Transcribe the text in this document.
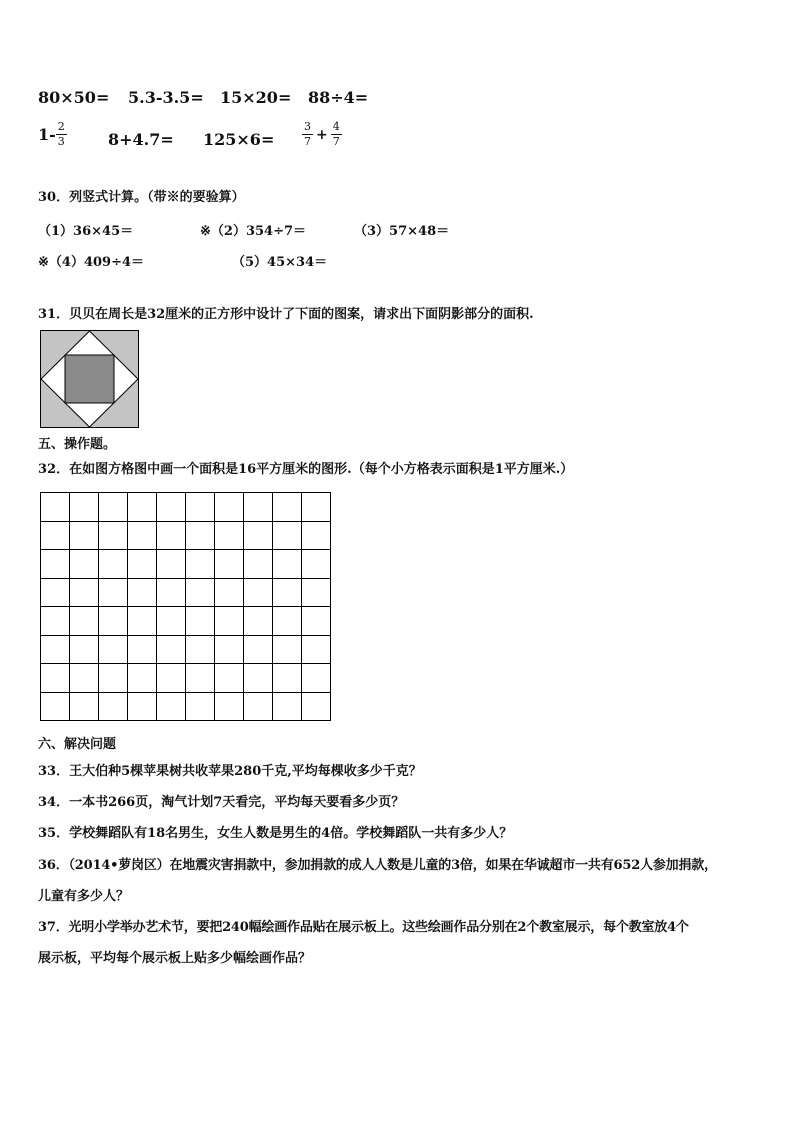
80×50= 5.3-3.5= 15×20= 88÷4=
$1- \frac{2}{3}$	8+4.7= 125×6=	$\frac{3}{7} + \frac{4}{7}$
30．列竖式计算。（带※的要验算）
（1）36×45＝	※（2）354÷7＝	（3）57×48＝
※（4）409÷4＝	（5）45×34＝
31．贝贝在周长是32厘米的正方形中设计了下面的图案，请求出下面阴影部分的面积.
五、操作题。
32．在如图方格图中画一个面积是16平方厘米的图形.（每个小方格表示面积是1平方厘米.）
六、解决问题
33．王大伯种5棵苹果树共收苹果280千克,平均每棵收多少千克？
34．一本书266页，淘气计划7天看完，平均每天要看多少页？
35．学校舞蹈队有18名男生，女生人数是男生的4倍。学校舞蹈队一共有多少人？
36．（2014•萝岗区）在地震灾害捐款中，参加捐款的成人人数是儿童的3倍，如果在华诚超市一共有652人参加捐款，
儿童有多少人？
37．光明小学举办艺术节，要把240幅绘画作品贴在展示板上。这些绘画作品分别在2个教室展示，每个教室放4个
展示板，平均每个展示板上贴多少幅绘画作品？
